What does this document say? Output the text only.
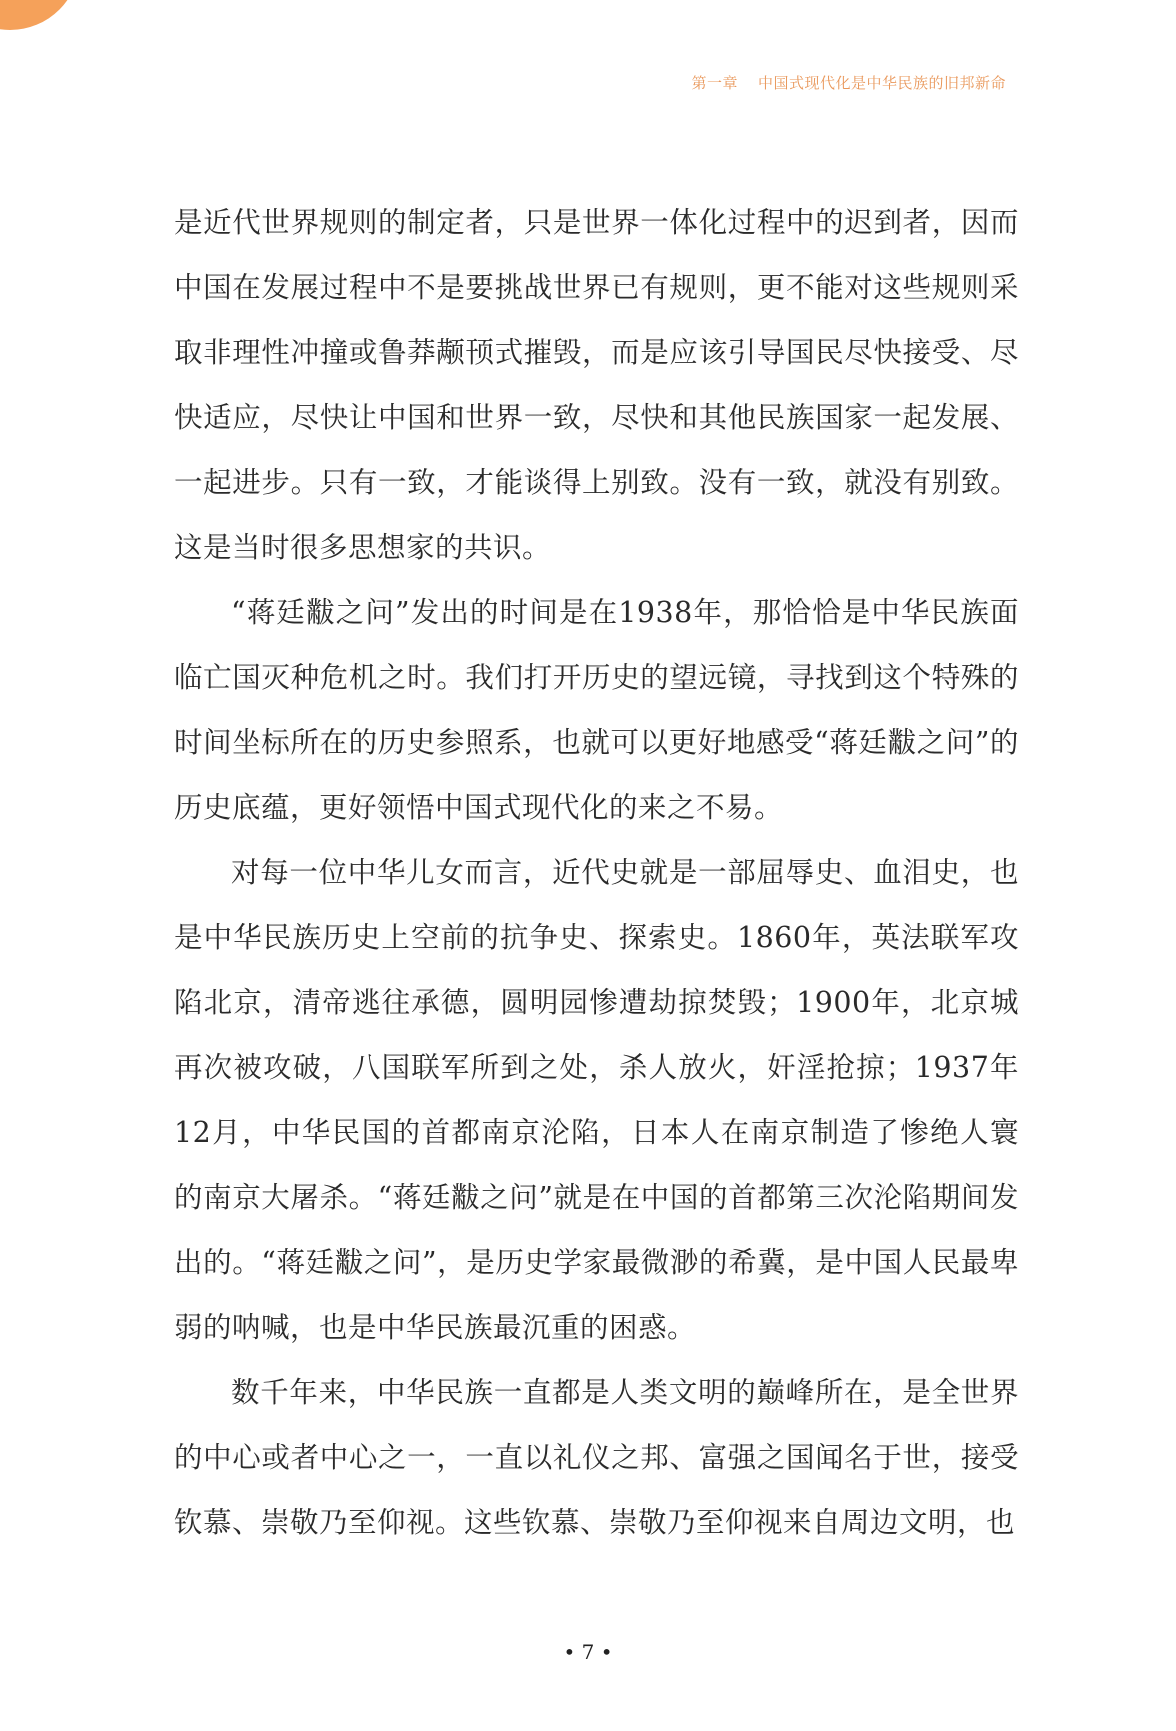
第一章 中国式现代化是中华民族的旧邦新命

是近代世界规则的制定者，只是世界一体化过程中的迟到者，因而中国在发展过程中不是要挑战世界已有规则，更不能对这些规则采取非理性冲撞或鲁莽颟顸式摧毁，而是应该引导国民尽快接受、尽快适应，尽快让中国和世界一致，尽快和其他民族国家一起发展、一起进步。只有一致，才能谈得上别致。没有一致，就没有别致。这是当时很多思想家的共识。

“蒋廷黻之问”发出的时间是在1938年，那恰恰是中华民族面临亡国灭种危机之时。我们打开历史的望远镜，寻找到这个特殊的时间坐标所在的历史参照系，也就可以更好地感受“蒋廷黻之问”的历史底蕴，更好领悟中国式现代化的来之不易。

对每一位中华儿女而言，近代史就是一部屈辱史、血泪史，也是中华民族历史上空前的抗争史、探索史。1860年，英法联军攻陷北京，清帝逃往承德，圆明园惨遭劫掠焚毁；1900年，北京城再次被攻破，八国联军所到之处，杀人放火，奸淫抢掠；1937年12月，中华民国的首都南京沦陷，日本人在南京制造了惨绝人寰的南京大屠杀。“蒋廷黻之问”就是在中国的首都第三次沦陷期间发出的。“蒋廷黻之问”，是历史学家最微渺的希冀，是中国人民最卑弱的呐喊，也是中华民族最沉重的困惑。

数千年来，中华民族一直都是人类文明的巅峰所在，是全世界的中心或者中心之一，一直以礼仪之邦、富强之国闻名于世，接受钦慕、崇敬乃至仰视。这些钦慕、崇敬乃至仰视来自周边文明，也

• 7 •
